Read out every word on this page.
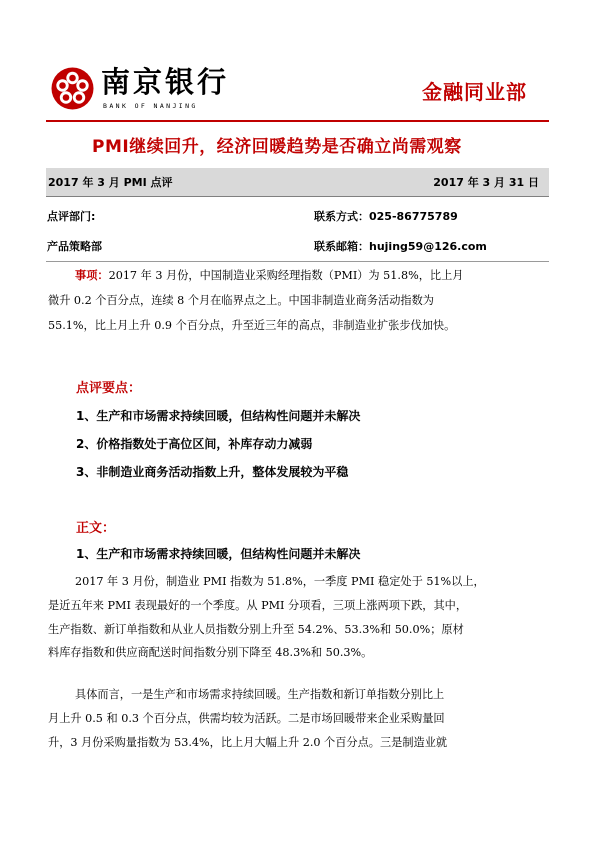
南京银行
BANK OF NANJING
金融同业部
PMI继续回升，经济回暖趋势是否确立尚需观察
2017 年 3 月 PMI 点评	2017 年 3 月 31 日
点评部门:	联系方式：025-86775789
产品策略部	联系邮箱：hujing59@126.com
事项：2017 年 3 月份，中国制造业采购经理指数（PMI）为 51.8%，比上月
微升 0.2 个百分点，连续 8 个月在临界点之上。中国非制造业商务活动指数为
55.1%，比上月上升 0.9 个百分点，升至近三年的高点，非制造业扩张步伐加快。
点评要点：
1、生产和市场需求持续回暖，但结构性问题并未解决
2、价格指数处于高位区间，补库存动力减弱
3、非制造业商务活动指数上升，整体发展较为平稳
正文：
1、生产和市场需求持续回暖，但结构性问题并未解决
2017 年 3 月份，制造业 PMI 指数为 51.8%，一季度 PMI 稳定处于 51%以上，
是近五年来 PMI 表现最好的一个季度。从 PMI 分项看，三项上涨两项下跌，其中，
生产指数、新订单指数和从业人员指数分别上升至 54.2%、53.3%和 50.0%；原材
料库存指数和供应商配送时间指数分别下降至 48.3%和 50.3%。
具体而言，一是生产和市场需求持续回暖。生产指数和新订单指数分别比上
月上升 0.5 和 0.3 个百分点，供需均较为活跃。二是市场回暖带来企业采购量回
升，3 月份采购量指数为 53.4%，比上月大幅上升 2.0 个百分点。三是制造业就
